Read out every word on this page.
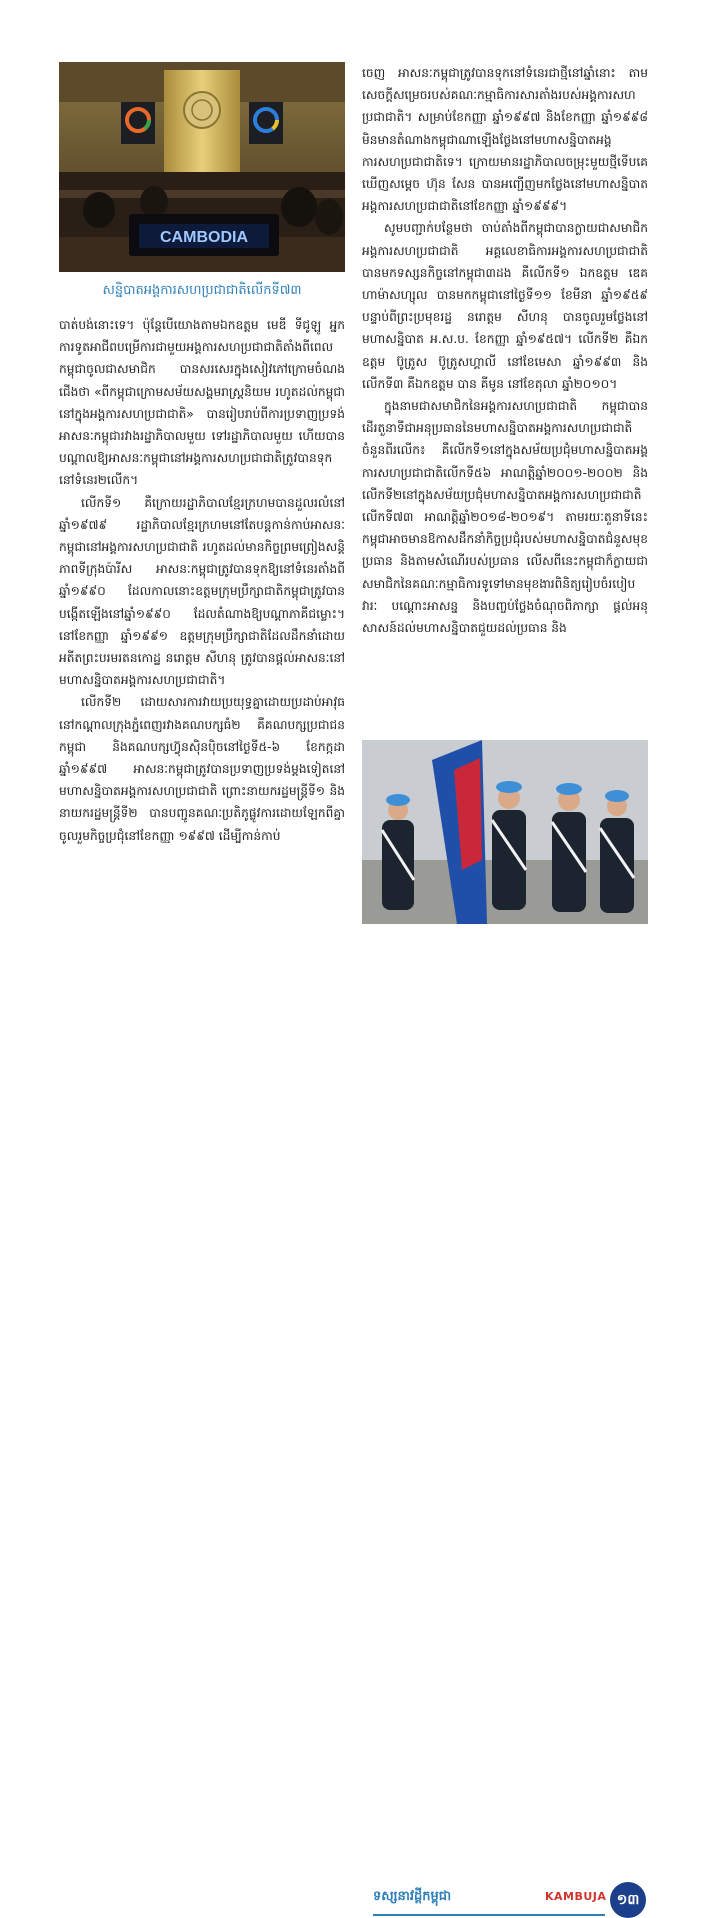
CAMBODIA
សន្និបាតអង្គការសហប្រជាជាតិលើកទី៧៣

បាត់បង់នោះទេ។ ប៉ុន្តែបើយោងតាមឯកឧត្តម មេឌី ទីជូឡូ អ្នកការទូតអាជីពបម្រើការជាមួយអង្គការសហប្រជាជាតិតាំងពីពេលកម្ពុជាចូលជាសមាជិក បានសរសេរក្នុងសៀវភៅក្រោមចំណងជើងថា «ពីកម្ពុជាក្រោមសម័យសង្គមរាស្ត្រនិយម រហូតដល់កម្ពុជានៅក្នុងអង្គការសហប្រជាជាតិ» បានរៀបរាប់ពីការប្រទាញប្រទង់អាសនៈកម្ពុជារវាងរដ្ឋាភិបាលមួយ ទៅរដ្ឋាភិបាលមួយ ហើយបានបណ្ដាលឱ្យអាសនៈកម្ពុជានៅអង្គការសហប្រជាជាតិត្រូវបានទុកនៅទំនេរ២លើក។

លើកទី១ គឺក្រោយរដ្ឋាភិបាលខ្មែរក្រហមបានដួលរលំនៅឆ្នាំ១៩៧៩ រដ្ឋាភិបាលខ្មែរក្រហមនៅតែបន្តកាន់កាប់អាសនៈកម្ពុជានៅអង្គការសហប្រជាជាតិ រហូតដល់មានកិច្ចព្រមព្រៀងសន្តិភាពទីក្រុងប៉ារីស អាសនៈកម្ពុជាត្រូវបានទុកឱ្យនៅទំនេរតាំងពីឆ្នាំ១៩៩០ ដែលកាលនោះឧត្តមក្រុមប្រឹក្សាជាតិកម្ពុជាត្រូវបានបង្កើតឡើងនៅឆ្នាំ១៩៩០ ដែលតំណាងឱ្យបណ្ដាភាគីជម្លោះ។ នៅខែកញ្ញា ឆ្នាំ១៩៩១ ឧត្តមក្រុមប្រឹក្សាជាតិដែលដឹកនាំដោយអតីតព្រះបរមរតនកោដ្ឋ នរោត្តម សីហនុ ត្រូវបានផ្ដល់អាសនៈនៅមហាសន្និបាតអង្គការសហប្រជាជាតិ។

លើកទី២ ដោយសារការវាយប្រយុទ្ធគ្នាដោយប្រដាប់អាវុធនៅកណ្ដាលក្រុងភ្នំពេញរវាងគណបក្សធំ២ គឺគណបក្សប្រជាជនកម្ពុជា និងគណបក្សហ៊្វុនស៊ិនប៉ិចនៅថ្ងៃទី៥-៦ ខែកក្កដា ឆ្នាំ១៩៩៧ អាសនៈកម្ពុជាត្រូវបានប្រទាញប្រទង់ម្ដងទៀតនៅមហាសន្និបាតអង្គការសហប្រជាជាតិ ព្រោះនាយករដ្ឋមន្ត្រីទី១ និងនាយករដ្ឋមន្ត្រីទី២ បានបញ្ជូនគណៈប្រតិភូផ្លូវការដោយឡែកពីគ្នាចូលរួមកិច្ចប្រជុំនៅខែកញ្ញា ១៩៩៧ ដើម្បីកាន់កាប់

ចេញ អាសនៈកម្ពុជាត្រូវបានទុកនៅទំនេរជាថ្មីនៅឆ្នាំនោះ តាមសេចក្ដីសម្រេចរបស់គណៈកម្មាធិការសារតាំងរបស់អង្គការសហប្រជាជាតិ។ សម្រាប់ខែកញ្ញា ឆ្នាំ១៩៩៧ និងខែកញ្ញា ឆ្នាំ១៩៩៨ មិនមានតំណាងកម្ពុជាណាឡើងថ្លែងនៅមហាសន្និបាតអង្គការសហប្រជាជាតិទេ។ ក្រោយមានរដ្ឋាភិបាលចម្រុះមួយថ្មីទើបគេឃើញសម្ដេច ហ៊ុន សែន បានអញ្ជើញមកថ្លែងនៅមហាសន្និបាតអង្គការសហប្រជាជាតិនៅខែកញ្ញា ឆ្នាំ១៩៩៩។

សូមបញ្ជាក់បន្ថែមថា ចាប់តាំងពីកម្ពុជាបានក្លាយជាសមាជិកអង្គការសហប្រជាជាតិ អគ្គលេខាធិការអង្គការសហប្រជាជាតិបានមកទស្សនកិច្ចនៅកម្ពុជា៣ដង គឺលើកទី១ ឯកឧត្តម ឌេគ ហាម៉ាសហ្សុល បានមកកម្ពុជានៅថ្ងៃទី១១ ខែមីនា ឆ្នាំ១៩៥៩ បន្ទាប់ពីព្រះប្រមុខរដ្ឋ នរោត្តម សីហនុ បានចូលរួមថ្លែងនៅមហាសន្និបាត អ.ស.ប. ខែកញ្ញា ឆ្នាំ១៩៥៧។ លើកទី២ គឺឯកឧត្តម ប៊ូត្រូស ប៊ូត្រូសហ្គាលី នៅខែមេសា ឆ្នាំ១៩៩៣ និងលើកទី៣ គឺឯកឧត្តម បាន គីមូន នៅខែតុលា ឆ្នាំ២០១០។

ក្នុងនាមជាសមាជិកនៃអង្គការសហប្រជាជាតិ កម្ពុជាបានដើរតួនាទីជាអនុប្រធាននៃមហាសន្និបាតអង្គការសហប្រជាជាតិចំនួនពីរលើក៖ គឺលើកទី១នៅក្នុងសម័យប្រជុំមហាសន្និបាតអង្គការសហប្រជាជាតិលើកទី៥៦ អាណត្តិឆ្នាំ២០០១-២០០២ និងលើកទី២នៅក្នុងសម័យប្រជុំមហាសន្និបាតអង្គការសហប្រជាជាតិលើកទី៧៣ អាណត្តិឆ្នាំ២០១៨-២០១៩។ តាមរយៈតួនាទីនេះ កម្ពុជាអាចមានឱកាសដឹកនាំកិច្ចប្រជុំរបស់មហាសន្និបាតជំនួសមុខប្រធាន និងតាមសំណើរបស់ប្រធាន លើសពីនេះកម្ពុជាក៏ក្លាយជាសមាជិកនៃគណៈកម្មាធិការទូទៅមានមុខងារពិនិត្យរៀបចំរបៀបវារៈ បណ្ដោះអាសន្ន និងបញ្ចប់ថ្លែងចំណុចពិភាក្សា ផ្ដល់អនុសាសន៍ដល់មហាសន្និបាតជួយដល់ប្រធាន និង

ទស្សនាវដ្ដីកម្ពុជា	KAMBUJA ១៣
